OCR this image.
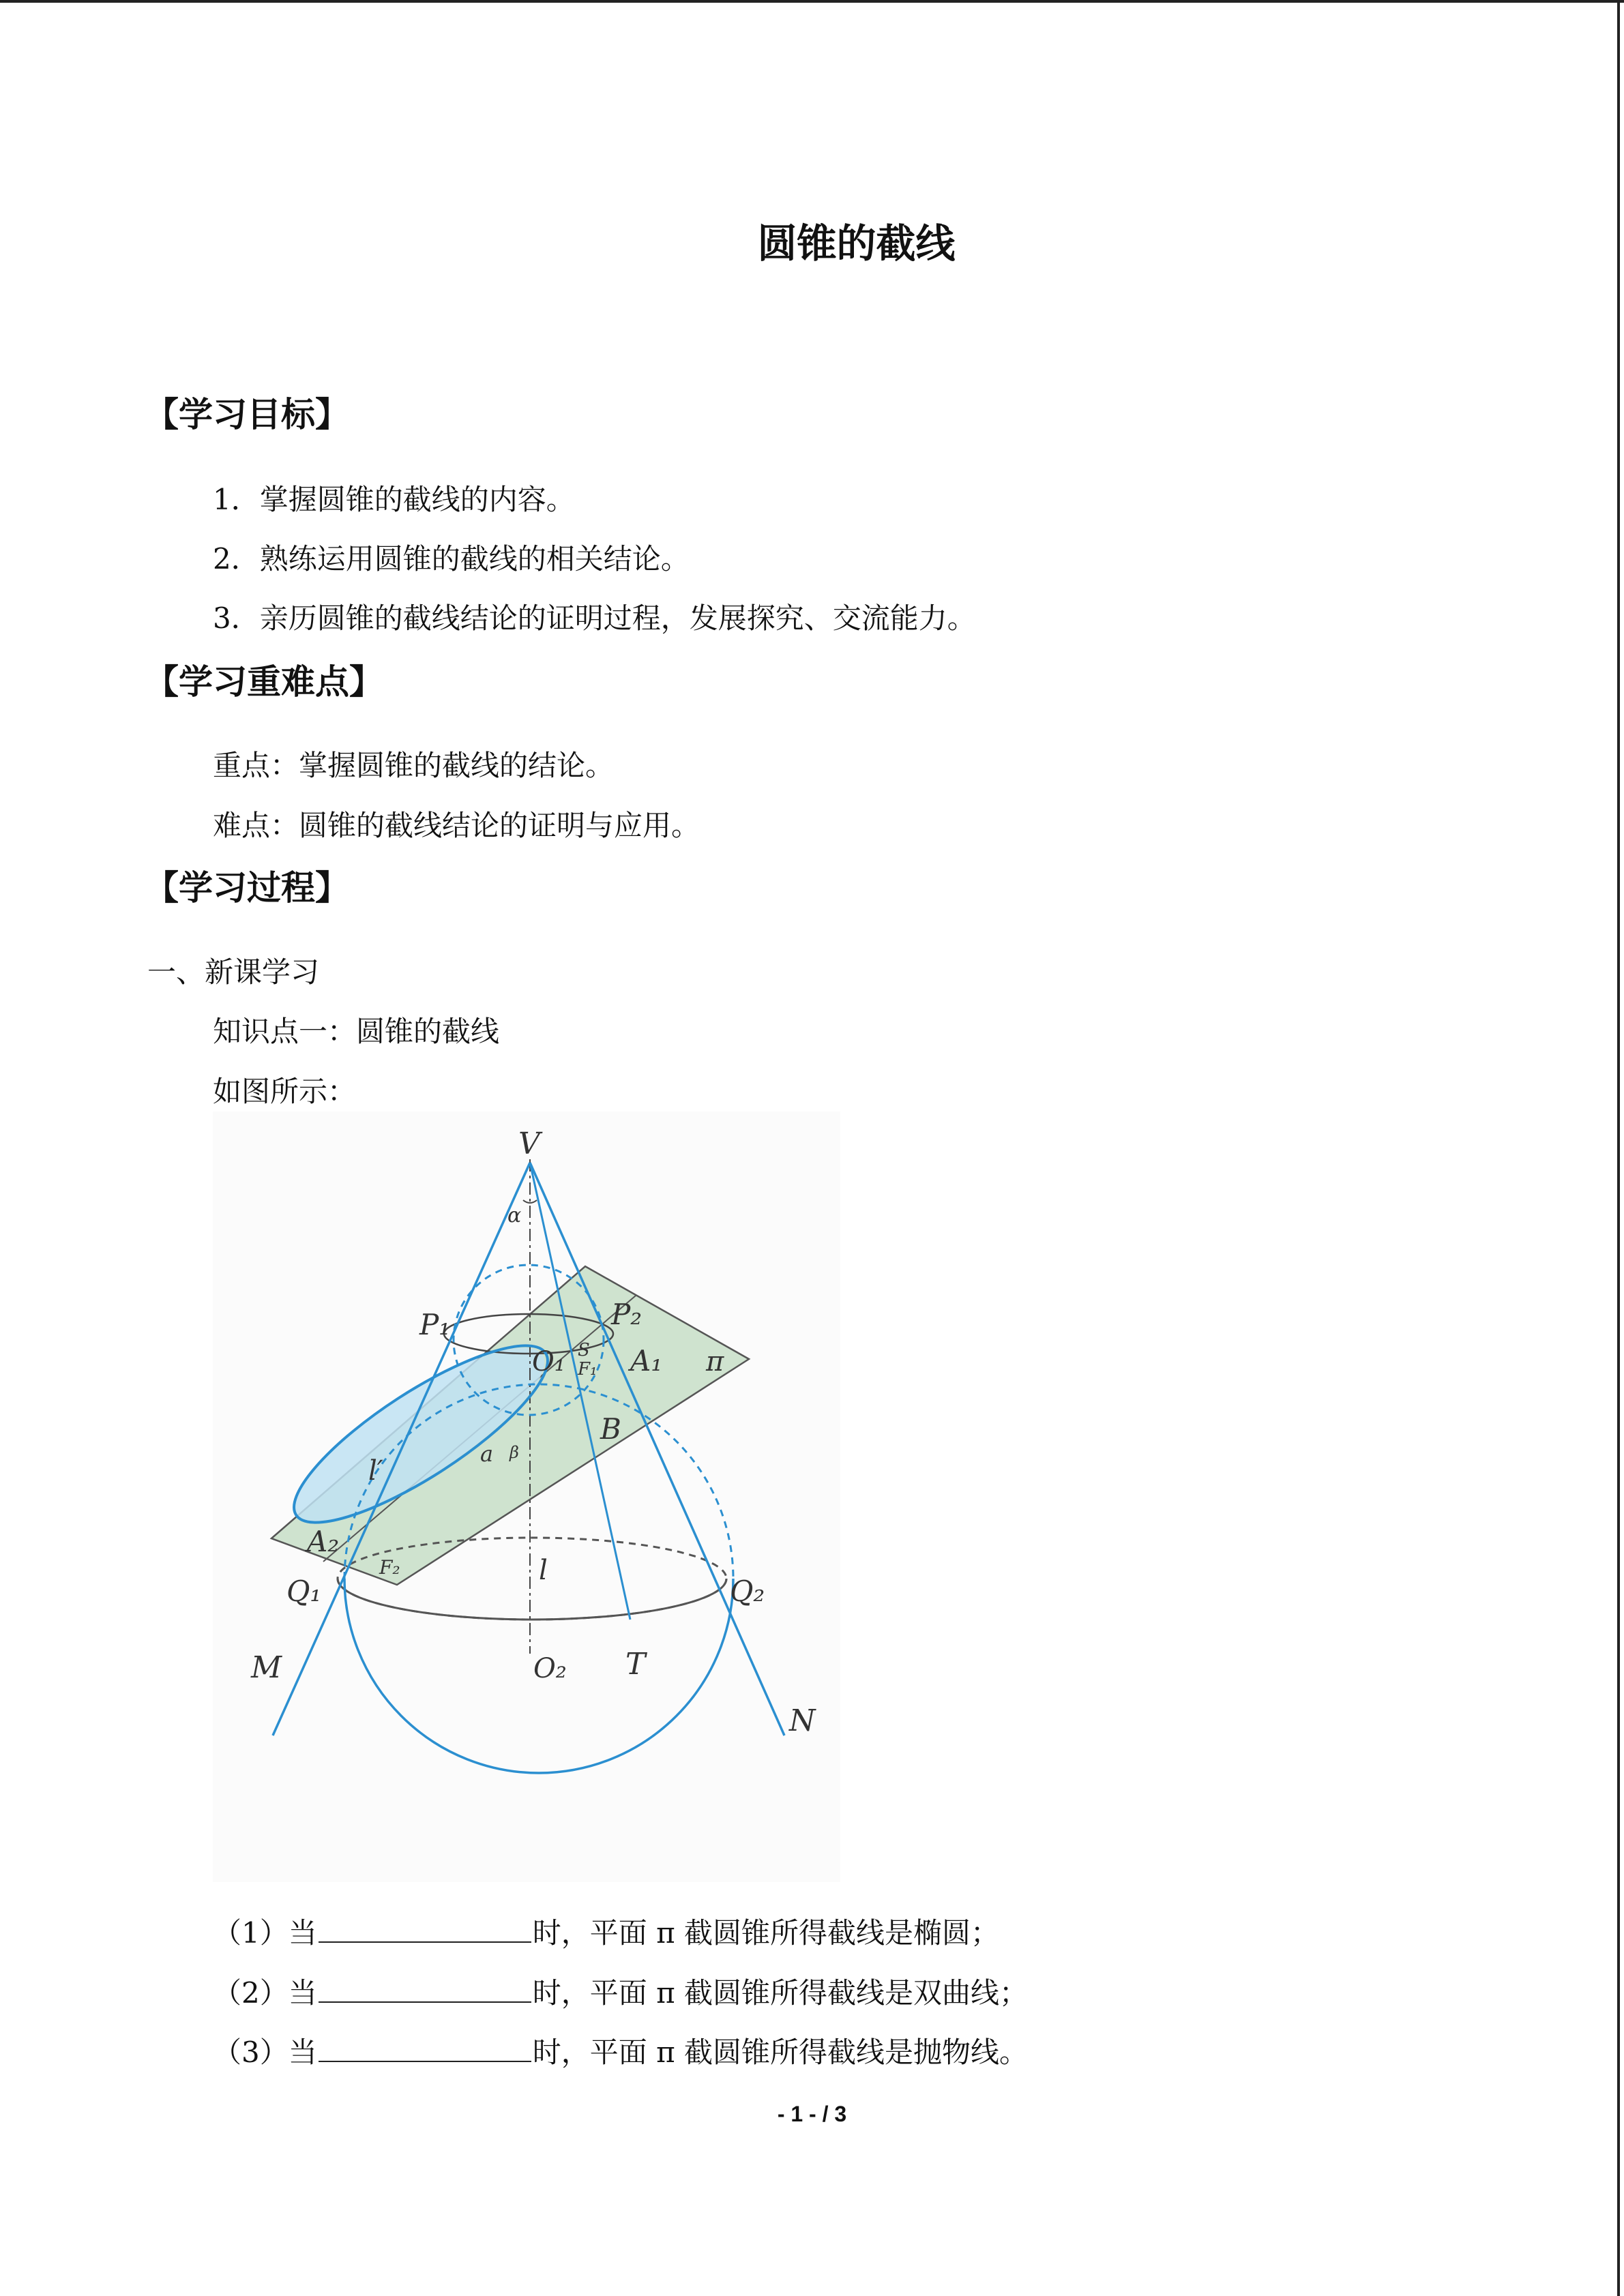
圆锥的截线
【学习目标】
1．掌握圆锥的截线的内容。
2．熟练运用圆锥的截线的相关结论。
3．亲历圆锥的截线结论的证明过程，发展探究、交流能力。
【学习重难点】
重点：掌握圆锥的截线的结论。
难点：圆锥的截线结论的证明与应用。
【学习过程】
一、新课学习
知识点一：圆锥的截线
如图所示：
V
α
P₁	P₂
O₁ S
F₁ A₁ π
B
l′
a β
A₂
F₂	l
Q₁	Q₂
M	O₂ T
N
（1）当	时，平面 π 截圆锥所得截线是椭圆；
（2）当	时，平面 π 截圆锥所得截线是双曲线；
（3）当	时，平面 π 截圆锥所得截线是抛物线。
- 1 - / 3
